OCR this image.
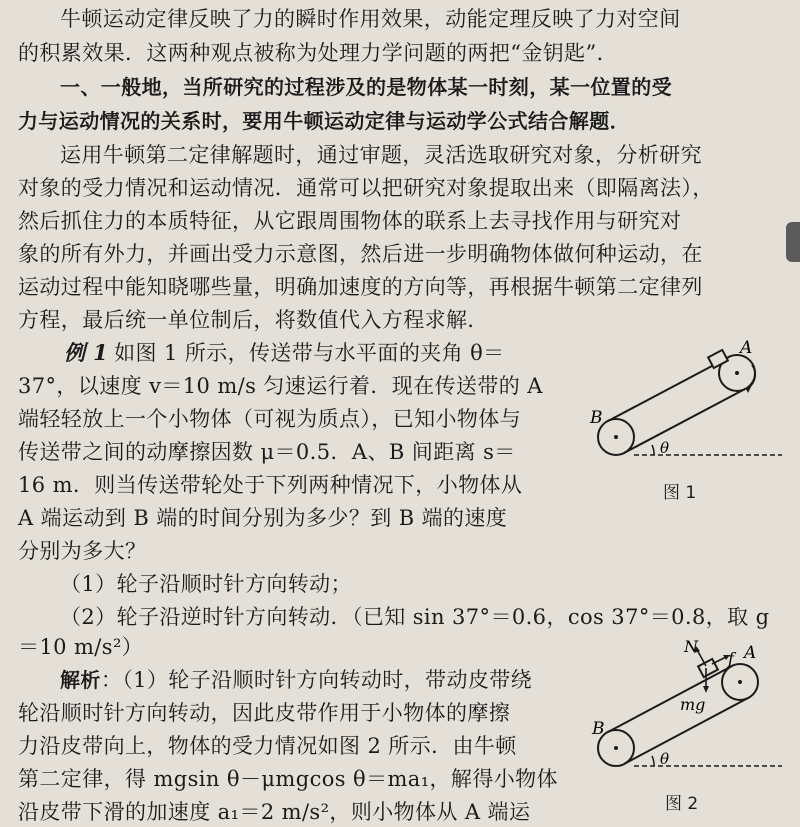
牛顿运动定律反映了力的瞬时作用效果，动能定理反映了力对空间
的积累效果．这两种观点被称为处理力学问题的两把“金钥匙”．
一、一般地，当所研究的过程涉及的是物体某一时刻，某一位置的受
力与运动情况的关系时，要用牛顿运动定律与运动学公式结合解题．
运用牛顿第二定律解题时，通过审题，灵活选取研究对象，分析研究
对象的受力情况和运动情况．通常可以把研究对象提取出来（即隔离法），
然后抓住力的本质特征，从它跟周围物体的联系上去寻找作用与研究对
象的所有外力，并画出受力示意图，然后进一步明确物体做何种运动，在
运动过程中能知晓哪些量，明确加速度的方向等，再根据牛顿第二定律列
方程，最后统一单位制后，将数值代入方程求解．
例 1 如图 1 所示，传送带与水平面的夹角 θ＝
37°，以速度 v＝10 m/s 匀速运行着．现在传送带的 A
端轻轻放上一个小物体（可视为质点），已知小物体与
传送带之间的动摩擦因数 μ＝0.5．A、B 间距离 s＝
16 m．则当传送带轮处于下列两种情况下，小物体从
A 端运动到 B 端的时间分别为多少？到 B 端的速度
分别为多大？
（1）轮子沿顺时针方向转动；
（2）轮子沿逆时针方向转动．（已知 sin 37°＝0.6，cos 37°＝0.8，取 g
＝10 m/s²）
解析：（1）轮子沿顺时针方向转动时，带动皮带绕
轮沿顺时针方向转动，因此皮带作用于小物体的摩擦
力沿皮带向上，物体的受力情况如图 2 所示．由牛顿
第二定律，得 mgsin θ－μmgcos θ＝ma₁，解得小物体
沿皮带下滑的加速度 a₁＝2 m/s²，则小物体从 A 端运
A
B
θ
图 1
N
f A
mg
B
θ
图 2
